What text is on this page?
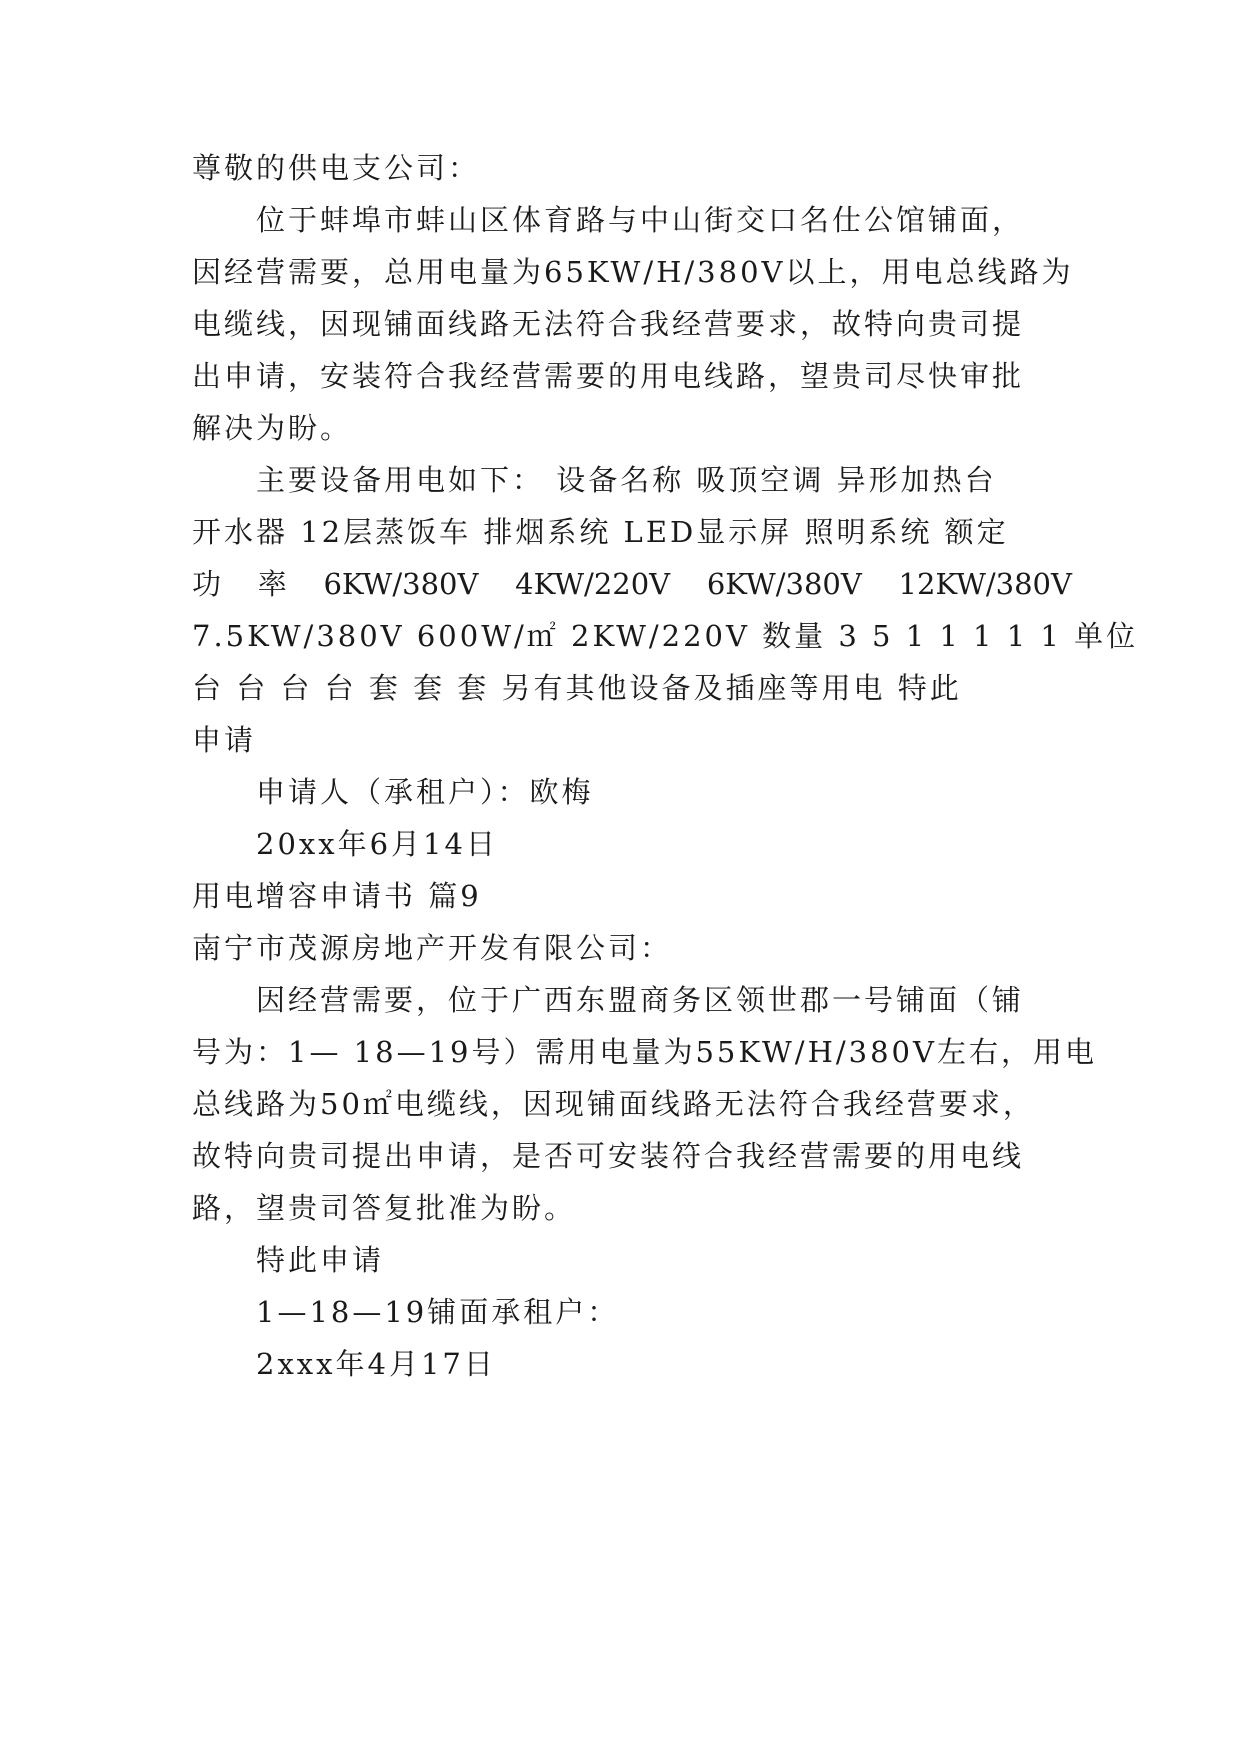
尊敬的供电支公司：
位于蚌埠市蚌山区体育路与中山街交口名仕公馆铺面，
因经营需要，总用电量为65KW/H/380V以上，用电总线路为
电缆线，因现铺面线路无法符合我经营要求，故特向贵司提
出申请，安装符合我经营需要的用电线路，望贵司尽快审批
解决为盼。
主要设备用电如下： 设备名称 吸顶空调 异形加热台
开水器 12层蒸饭车 排烟系统 LED显示屏 照明系统 额定
功 率 6KW/380V 4KW/220V 6KW/380V 12KW/380V
7.5KW/380V 600W/㎡ 2KW/220V 数量 3 5 1 1 1 1 1 单位
台 台 台 台 套 套 套 另有其他设备及插座等用电 特此
申请
申请人（承租户）：欧梅
20xx年6月14日
用电增容申请书 篇9
南宁市茂源房地产开发有限公司：
因经营需要，位于广西东盟商务区领世郡一号铺面（铺
号为：1— 18—19号）需用电量为55KW/H/380V左右，用电
总线路为50㎡电缆线，因现铺面线路无法符合我经营要求，
故特向贵司提出申请，是否可安装符合我经营需要的用电线
路，望贵司答复批准为盼。
特此申请
1—18—19铺面承租户：
2xxx年4月17日
